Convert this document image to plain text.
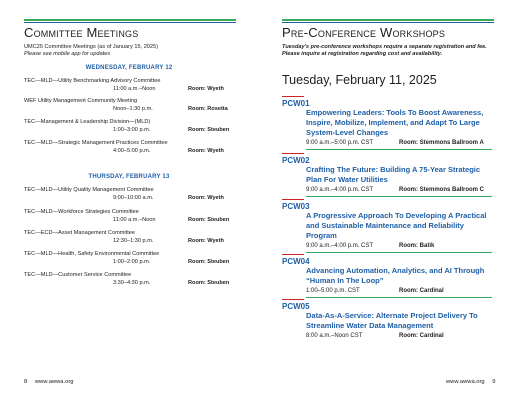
Committee Meetings
UMC25 Committee Meetings (as of January 15, 2025)
Please see mobile app for updates
WEDNESDAY, FEBRUARY 12
TEC—MLD—Utility Benchmarking Advisory Committee
11:00 a.m.–Noon	Room: Wyeth
WEF Utility Management Community Meeting
Noon–1:30 p.m.	Room: Rosetta
TEC—Management & Leadership Division—(MLD)
1:00–3:00 p.m.	Room: Steuben
TEC—MLD—Strategic Management Practices Committee
4:00–5:00 p.m.	Room: Wyeth
THURSDAY, FEBRUARY 13
TEC—MLD—Utility Quality Management Committee
9:00–10:00 a.m.	Room: Wyeth
TEC—MLD—Workforce Strategies Committee
11:00 a.m.–Noon	Room: Steuben
TEC—ECD—Asset Management Committee
12:30–1:30 p.m.	Room: Wyeth
TEC—MLD—Health, Safety Environmental Committee
1:00–2:00 p.m.	Room: Steuben
TEC—MLD—Customer Service Committee
3:30–4:30 p.m.	Room: Steuben
8 www.awwa.org
Pre-Conference Workshops
Tuesday's pre-conference workshops require a separate registration and fee.
Please inquire at registration regarding cost and availability.
Tuesday, February 11, 2025
PCW01
Empowering Leaders: Tools To Boost Awareness, Inspire, Mobilize, Implement, and Adapt To Large System-Level Changes
9:00 a.m.–5:00 p.m. CST	Room: Stemmons Ballroom A
PCW02
Crafting The Future: Building A 75-Year Strategic Plan For Water Utilities
9:00 a.m.–4:00 p.m. CST	Room: Stemmons Ballroom C
PCW03
A Progressive Approach To Developing A Practical and Sustainable Maintenance and Reliability Program
9:00 a.m.–4:00 p.m. CST	Room: Batik
PCW04
Advancing Automation, Analytics, and AI Through “Human In The Loop”
1:00–5:00 p.m. CST	Room: Cardinal
PCW05
Data-As-A-Service: Alternate Project Delivery To Streamline Water Data Management
8:00 a.m.–Noon CST	Room: Cardinal
www.awwa.org 9
